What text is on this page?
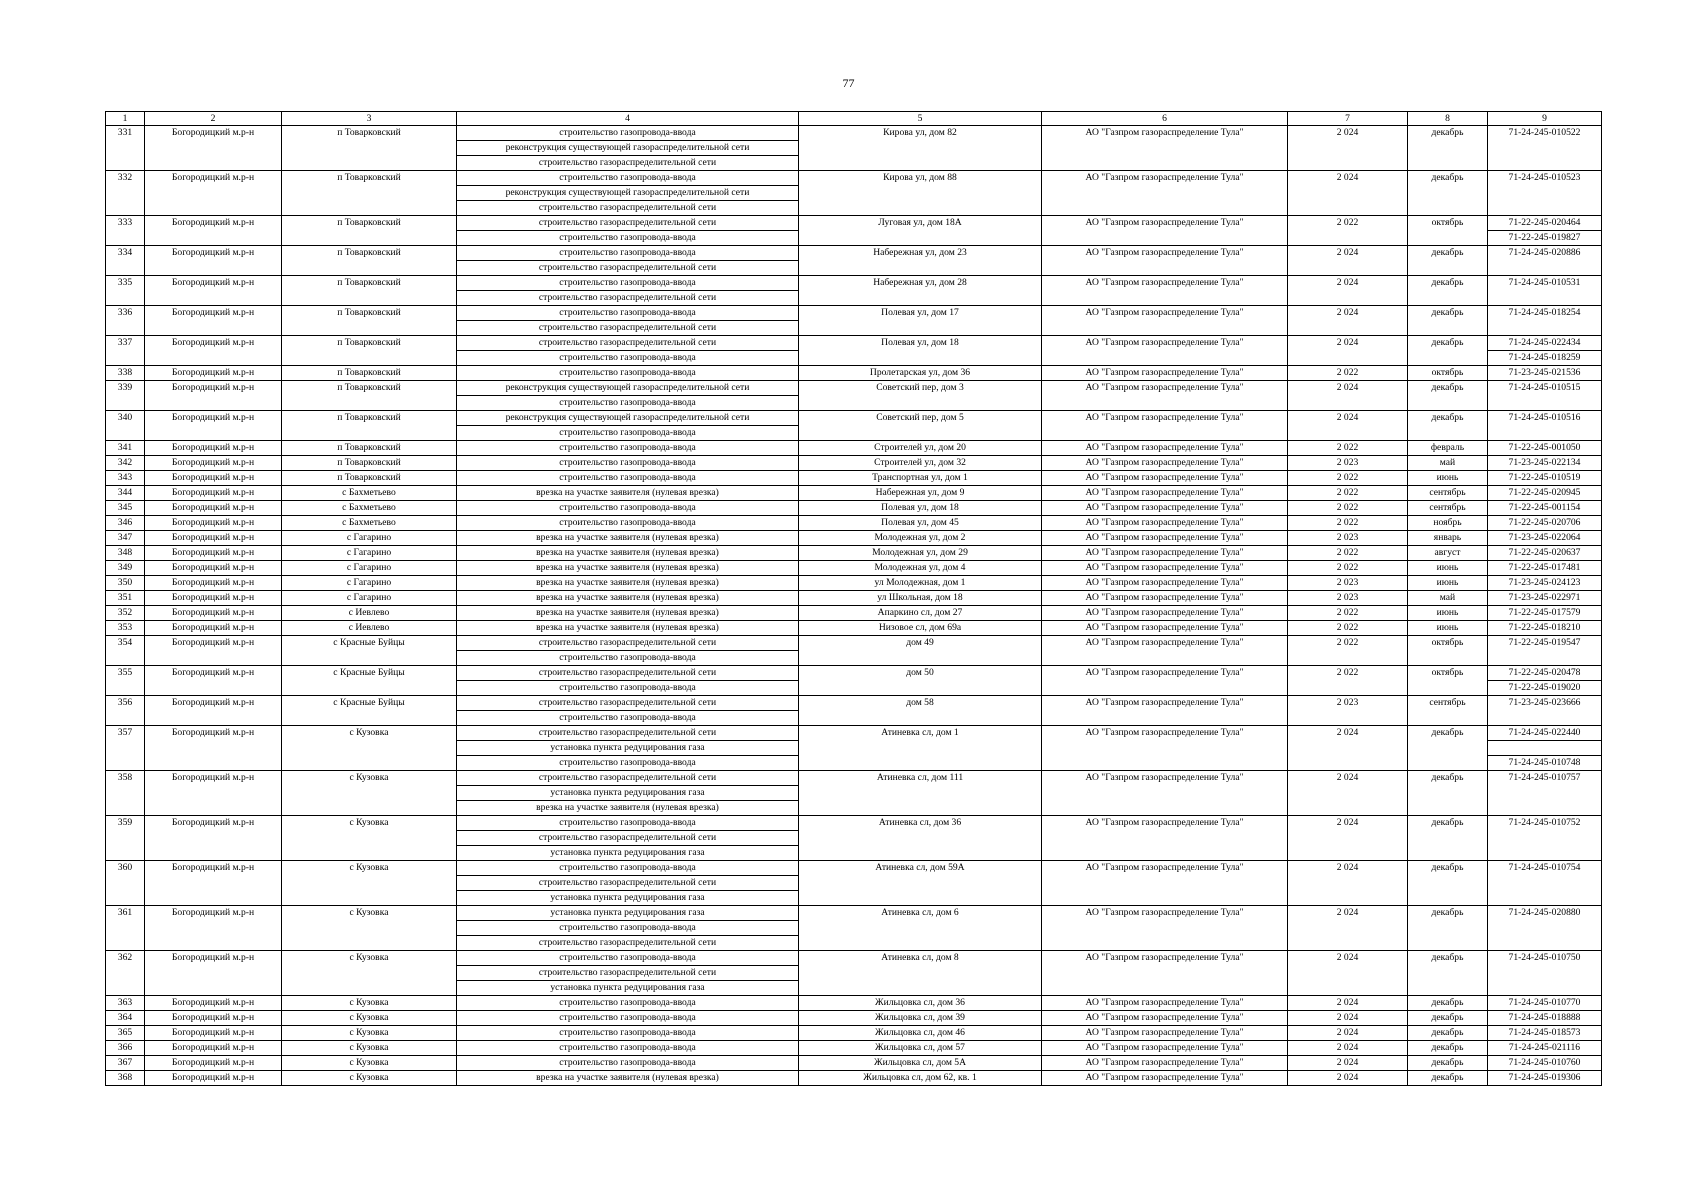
77
1	2	3	4	5	6	7	8	9
331	Богородицкий м.р-н	п Товарковский	строительство газопровода-ввода	Кирова ул, дом 82	АО "Газпром газораспределение Тула"	2 024	декабрь	71-24-245-010522
			реконструкция существующей газораспределительной сети					
			строительство газораспределительной сети					
332	Богородицкий м.р-н	п Товарковский	строительство газопровода-ввода	Кирова ул, дом 88	АО "Газпром газораспределение Тула"	2 024	декабрь	71-24-245-010523
			реконструкция существующей газораспределительной сети					
			строительство газораспределительной сети					
333	Богородицкий м.р-н	п Товарковский	строительство газораспределительной сети	Луговая ул, дом 18А	АО "Газпром газораспределение Тула"	2 022	октябрь	71-22-245-020464
			строительство газопровода-ввода					71-22-245-019827
334	Богородицкий м.р-н	п Товарковский	строительство газопровода-ввода	Набережная ул, дом 23	АО "Газпром газораспределение Тула"	2 024	декабрь	71-24-245-020886
			строительство газораспределительной сети					
335	Богородицкий м.р-н	п Товарковский	строительство газопровода-ввода	Набережная ул, дом 28	АО "Газпром газораспределение Тула"	2 024	декабрь	71-24-245-010531
			строительство газораспределительной сети					
336	Богородицкий м.р-н	п Товарковский	строительство газопровода-ввода	Полевая ул, дом 17	АО "Газпром газораспределение Тула"	2 024	декабрь	71-24-245-018254
			строительство газораспределительной сети					
337	Богородицкий м.р-н	п Товарковский	строительство газораспределительной сети	Полевая ул, дом 18	АО "Газпром газораспределение Тула"	2 024	декабрь	71-24-245-022434
			строительство газопровода-ввода					71-24-245-018259
338	Богородицкий м.р-н	п Товарковский	строительство газопровода-ввода	Пролетарская ул, дом 36	АО "Газпром газораспределение Тула"	2 022	октябрь	71-23-245-021536
339	Богородицкий м.р-н	п Товарковский	реконструкция существующей газораспределительной сети	Советский пер, дом 3	АО "Газпром газораспределение Тула"	2 024	декабрь	71-24-245-010515
			строительство газопровода-ввода					
340	Богородицкий м.р-н	п Товарковский	реконструкция существующей газораспределительной сети	Советский пер, дом 5	АО "Газпром газораспределение Тула"	2 024	декабрь	71-24-245-010516
			строительство газопровода-ввода					
341	Богородицкий м.р-н	п Товарковский	строительство газопровода-ввода	Строителей ул, дом 20	АО "Газпром газораспределение Тула"	2 022	февраль	71-22-245-001050
342	Богородицкий м.р-н	п Товарковский	строительство газопровода-ввода	Строителей ул, дом 32	АО "Газпром газораспределение Тула"	2 023	май	71-23-245-022134
343	Богородицкий м.р-н	п Товарковский	строительство газопровода-ввода	Транспортная ул, дом 1	АО "Газпром газораспределение Тула"	2 022	июнь	71-22-245-010519
344	Богородицкий м.р-н	с Бахметьево	врезка на участке заявителя (нулевая врезка)	Набережная ул, дом 9	АО "Газпром газораспределение Тула"	2 022	сентябрь	71-22-245-020945
345	Богородицкий м.р-н	с Бахметьево	строительство газопровода-ввода	Полевая ул, дом 18	АО "Газпром газораспределение Тула"	2 022	сентябрь	71-22-245-001154
346	Богородицкий м.р-н	с Бахметьево	строительство газопровода-ввода	Полевая ул, дом 45	АО "Газпром газораспределение Тула"	2 022	ноябрь	71-22-245-020706
347	Богородицкий м.р-н	с Гагарино	врезка на участке заявителя (нулевая врезка)	Молодежная ул, дом 2	АО "Газпром газораспределение Тула"	2 023	январь	71-23-245-022064
348	Богородицкий м.р-н	с Гагарино	врезка на участке заявителя (нулевая врезка)	Молодежная ул, дом 29	АО "Газпром газораспределение Тула"	2 022	август	71-22-245-020637
349	Богородицкий м.р-н	с Гагарино	врезка на участке заявителя (нулевая врезка)	Молодежная ул, дом 4	АО "Газпром газораспределение Тула"	2 022	июнь	71-22-245-017481
350	Богородицкий м.р-н	с Гагарино	врезка на участке заявителя (нулевая врезка)	ул Молодежная, дом 1	АО "Газпром газораспределение Тула"	2 023	июнь	71-23-245-024123
351	Богородицкий м.р-н	с Гагарино	врезка на участке заявителя (нулевая врезка)	ул Школьная, дом 18	АО "Газпром газораспределение Тула"	2 023	май	71-23-245-022971
352	Богородицкий м.р-н	с Иевлево	врезка на участке заявителя (нулевая врезка)	Апаркино сл, дом 27	АО "Газпром газораспределение Тула"	2 022	июнь	71-22-245-017579
353	Богородицкий м.р-н	с Иевлево	врезка на участке заявителя (нулевая врезка)	Низовое сл, дом 69а	АО "Газпром газораспределение Тула"	2 022	июнь	71-22-245-018210
354	Богородицкий м.р-н	с Красные Буйцы	строительство газораспределительной сети	дом 49	АО "Газпром газораспределение Тула"	2 022	октябрь	71-22-245-019547
			строительство газопровода-ввода					
355	Богородицкий м.р-н	с Красные Буйцы	строительство газораспределительной сети	дом 50	АО "Газпром газораспределение Тула"	2 022	октябрь	71-22-245-020478
			строительство газопровода-ввода					71-22-245-019020
356	Богородицкий м.р-н	с Красные Буйцы	строительство газораспределительной сети	дом 58	АО "Газпром газораспределение Тула"	2 023	сентябрь	71-23-245-023666
			строительство газопровода-ввода					
357	Богородицкий м.р-н	с Кузовка	строительство газораспределительной сети	Атиневка сл, дом 1	АО "Газпром газораспределение Тула"	2 024	декабрь	71-24-245-022440
			установка пункта редуцирования газа					
			строительство газопровода-ввода					71-24-245-010748
358	Богородицкий м.р-н	с Кузовка	строительство газораспределительной сети	Атиневка сл, дом 111	АО "Газпром газораспределение Тула"	2 024	декабрь	71-24-245-010757
			установка пункта редуцирования газа					
			врезка на участке заявителя (нулевая врезка)					
359	Богородицкий м.р-н	с Кузовка	строительство газопровода-ввода	Атиневка сл, дом 36	АО "Газпром газораспределение Тула"	2 024	декабрь	71-24-245-010752
			строительство газораспределительной сети					
			установка пункта редуцирования газа					
360	Богородицкий м.р-н	с Кузовка	строительство газопровода-ввода	Атиневка сл, дом 59А	АО "Газпром газораспределение Тула"	2 024	декабрь	71-24-245-010754
			строительство газораспределительной сети					
			установка пункта редуцирования газа					
361	Богородицкий м.р-н	с Кузовка	установка пункта редуцирования газа	Атиневка сл, дом 6	АО "Газпром газораспределение Тула"	2 024	декабрь	71-24-245-020880
			строительство газопровода-ввода					
			строительство газораспределительной сети					
362	Богородицкий м.р-н	с Кузовка	строительство газопровода-ввода	Атиневка сл, дом 8	АО "Газпром газораспределение Тула"	2 024	декабрь	71-24-245-010750
			строительство газораспределительной сети					
			установка пункта редуцирования газа					
363	Богородицкий м.р-н	с Кузовка	строительство газопровода-ввода	Жильцовка сл, дом 36	АО "Газпром газораспределение Тула"	2 024	декабрь	71-24-245-010770
364	Богородицкий м.р-н	с Кузовка	строительство газопровода-ввода	Жильцовка сл, дом 39	АО "Газпром газораспределение Тула"	2 024	декабрь	71-24-245-018888
365	Богородицкий м.р-н	с Кузовка	строительство газопровода-ввода	Жильцовка сл, дом 46	АО "Газпром газораспределение Тула"	2 024	декабрь	71-24-245-018573
366	Богородицкий м.р-н	с Кузовка	строительство газопровода-ввода	Жильцовка сл, дом 57	АО "Газпром газораспределение Тула"	2 024	декабрь	71-24-245-021116
367	Богородицкий м.р-н	с Кузовка	строительство газопровода-ввода	Жильцовка сл, дом 5А	АО "Газпром газораспределение Тула"	2 024	декабрь	71-24-245-010760
368	Богородицкий м.р-н	с Кузовка	врезка на участке заявителя (нулевая врезка)	Жильцовка сл, дом 62, кв. 1	АО "Газпром газораспределение Тула"	2 024	декабрь	71-24-245-019306
